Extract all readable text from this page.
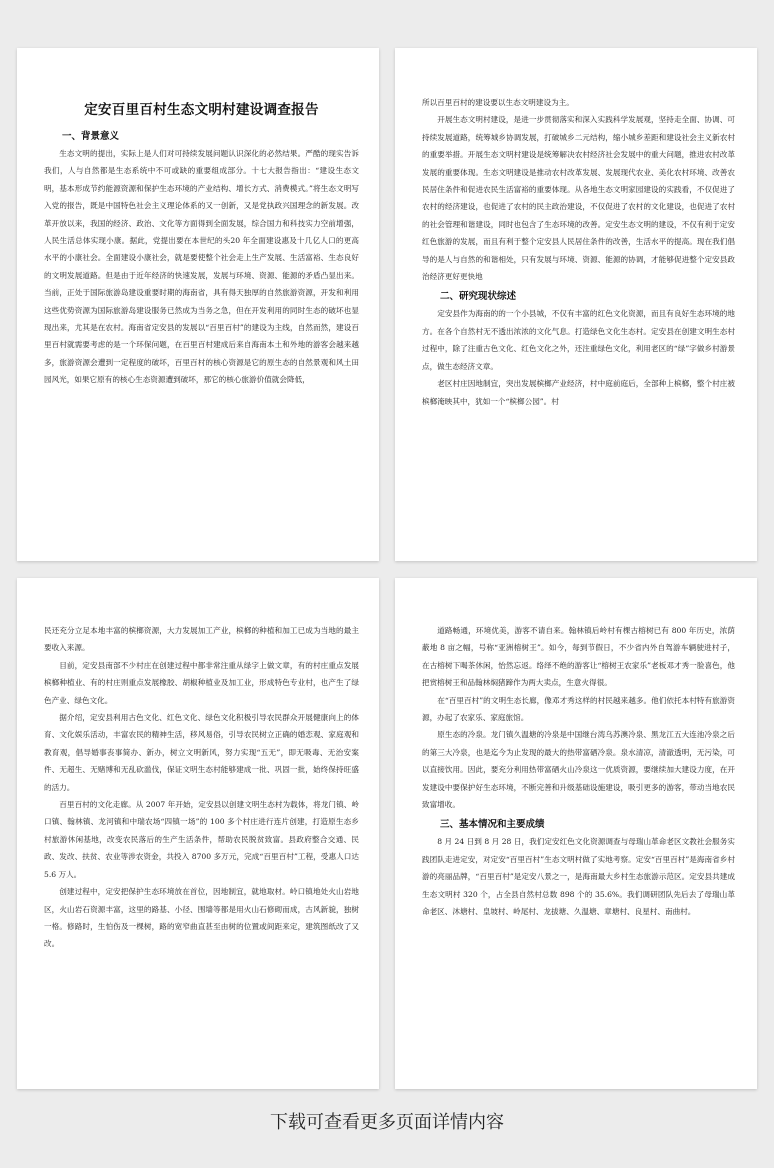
定安百里百村生态文明村建设调查报告
一、背景意义

生态文明的提出，实际上是人们对可持续发展问题认识深化的必然结果。严酷的现实告诉我们，人与自然都是生态系统中不可或缺的重要组成部分。十七大报告指出：“建设生态文明，基本形成节约能源资源和保护生态环境的产业结构、增长方式、消费模式。”将生态文明写入党的报告，既是中国特色社会主义理论体系的又一创新，又是党执政兴国理念的新发展。改革开放以来，我国的经济、政治、文化等方面得到全面发展，综合国力和科技实力空前增强，人民生活总体实现小康。据此，党提出要在本世纪的头20 年全面建设惠及十几亿人口的更高水平的小康社会。全面建设小康社会，就是要使整个社会走上生产发展、生活富裕、生态良好的文明发展道路。但是由于近年经济的快速发展，发展与环境、资源、能源的矛盾凸显出来。当前，正处于国际旅游岛建设重要时期的海南省，具有得天独厚的自然旅游资源，开发和利用这些优势资源为国际旅游岛建设服务已然成为当务之急，但在开发利用的同时生态的破坏也显现出来，尤其是在农村。海南省定安县的发展以“百里百村”的建设为主线，自然而然，建设百里百村就需要考虑的是一个环保问题，在百里百村建成后来自海南本土和外地的游客会越来越多，旅游资源会遭到一定程度的破坏，百里百村的核心资源是它的原生态的自然景观和风土田园风光，如果它原有的核心生态资源遭到破坏，那它的核心旅游价值就会降低，

所以百里百村的建设要以生态文明建设为主。

开展生态文明村建设，是进一步贯彻落实和深入实践科学发展观，坚持走全面、协调、可持续发展道路，统筹城乡协调发展，打破城乡二元结构，缩小城乡差距和建设社会主义新农村的重要举措。开展生态文明村建设是统筹解决农村经济社会发展中的重大问题，推进农村改革发展的重要体现。生态文明建设是推动农村改革发展、发展现代农业、美化农村环境、改善农民居住条件和促进农民生活富裕的重要体现。从各地生态文明家园建设的实践看，不仅促进了农村的经济建设，也促进了农村的民主政治建设，不仅促进了农村的文化建设，也促进了农村的社会管理和谐建设，同时也包含了生态环境的改善。定安生态文明的建设，不仅有利于定安红色旅游的发展，而且有利于整个定安县人民居住条件的改善，生活水平的提高。现在我们倡导的是人与自然的和谐相处，只有发展与环境、资源、能源的协调，才能够促进整个定安县政治经济更好更快地

二、研究现状综述

定安县作为海南的的一个小县城，不仅有丰富的红色文化资源，而且有良好生态环境的地方。在各个自然村无不透出浓浓的文化气息。打造绿色文化生态村。定安县在创建文明生态村过程中，除了注重古色文化、红色文化之外，还注重绿色文化，利用老区的“绿”字做乡村游景点，做生态经济文章。

老区村庄因地制宜，突出发展槟榔产业经济，村中庭前庭后，全部种上槟榔，整个村庄被槟榔淹映其中，犹如一个“槟榔公园”。村

民还充分立足本地丰富的槟榔资源，大力发展加工产业，槟榔的种植和加工已成为当地的最主要收入来源。

目前，定安县南部不少村庄在创建过程中都非常注重从绿字上做文章，有的村庄重点发展槟榔种植业、有的村庄则重点发展橡胶、胡椒种植业及加工业，形成特色专业村，也产生了绿色产业、绿色文化。

据介绍，定安县利用古色文化、红色文化、绿色文化积极引导农民群众开展健康向上的体育、文化娱乐活动，丰富农民的精神生活，移风易俗，引导农民树立正确的婚恋观、家庭观和教育观，倡导婚事丧事简办、新办，树立文明新风，努力实现“五无”，即无吸毒、无治安案件、无超生、无赌博和无乱砍滥伐，保证文明生态村能够建成一批、巩固一批，始终保持旺盛的活力。

百里百村的文化走廊。从 2007 年开始，定安县以创建文明生态村为载体，将龙门镇、岭口镇、翰林镇、龙河镇和中瑞农场“四镇一场”的 100 多个村庄进行连片创建，打造原生态乡村旅游休闲基地，改变农民落后的生产生活条件，帮助农民脱贫致富。县政府整合交通、民政、发改、扶贫、农业等涉农资金，共投入 8700 多万元，完成“百里百村”工程，受惠人口达 5.6 万人。

创建过程中，定安把保护生态环境放在首位，因地制宜，就地取材。岭口镇地处火山岩地区，火山岩石资源丰富，这里的路基、小径、围墙等都是用火山石修砌而成，古风新貌，独树一格。修路时，生怕伤及一棵树，路的宽窄曲直甚至由树的位置或间距来定，建筑图纸改了又改。

道路畅通，环境优美，游客不请自来。翰林镇后岭村有棵古榕树已有 800 年历史，浓荫蔽地 8 亩之幅，号称“亚洲榕树王”。如今，每到节假日，不少省内外自驾游车辆驶进村子，在古榕树下喝茶休闲，怡然忘返。络绎不绝的游客让“榕树王农家乐”老板邓才秀一脸喜色，他把赏榕树王和品翰林焖猪蹄作为两大卖点，生意火得很。

在“百里百村”的文明生态长廊，像邓才秀这样的村民越来越多。他们依托本村特有旅游资源，办起了农家乐、家庭旅馆。

原生态的冷泉。龙门镇久温塘的冷泉是中国继台湾乌苏澳冷泉、黑龙江五大连池冷泉之后的第三大冷泉，也是迄今为止发现的最大的热带富硒冷泉。泉水清凉，清澈透明，无污染，可以直接饮用。因此，要充分利用热带富硒火山冷泉这一优质资源，要继续加大建设力度，在开发建设中要保护好生态环境，不断完善和升级基础设施建设，吸引更多的游客，带动当地农民致富增收。

三、基本情况和主要成绩

8 月 24 日到 8 月 28 日，我们定安红色文化资源调查与母瑞山革命老区文教社会服务实践团队走进定安，对定安“百里百村”生态文明村做了实地考察。定安“百里百村”是海南省乡村游的亮丽品牌，“百里百村”是定安八景之一，是海南最大乡村生态旅游示范区。定安县共建成生态文明村 320 个，占全县自然村总数 898 个的 35.6%。我们调研团队先后去了母瑞山革命老区、沐塘村、皇坡村、岭尾村、龙拔塘、久温塘、章塘村、良星村、南曲村。

下载可查看更多页面详情内容
